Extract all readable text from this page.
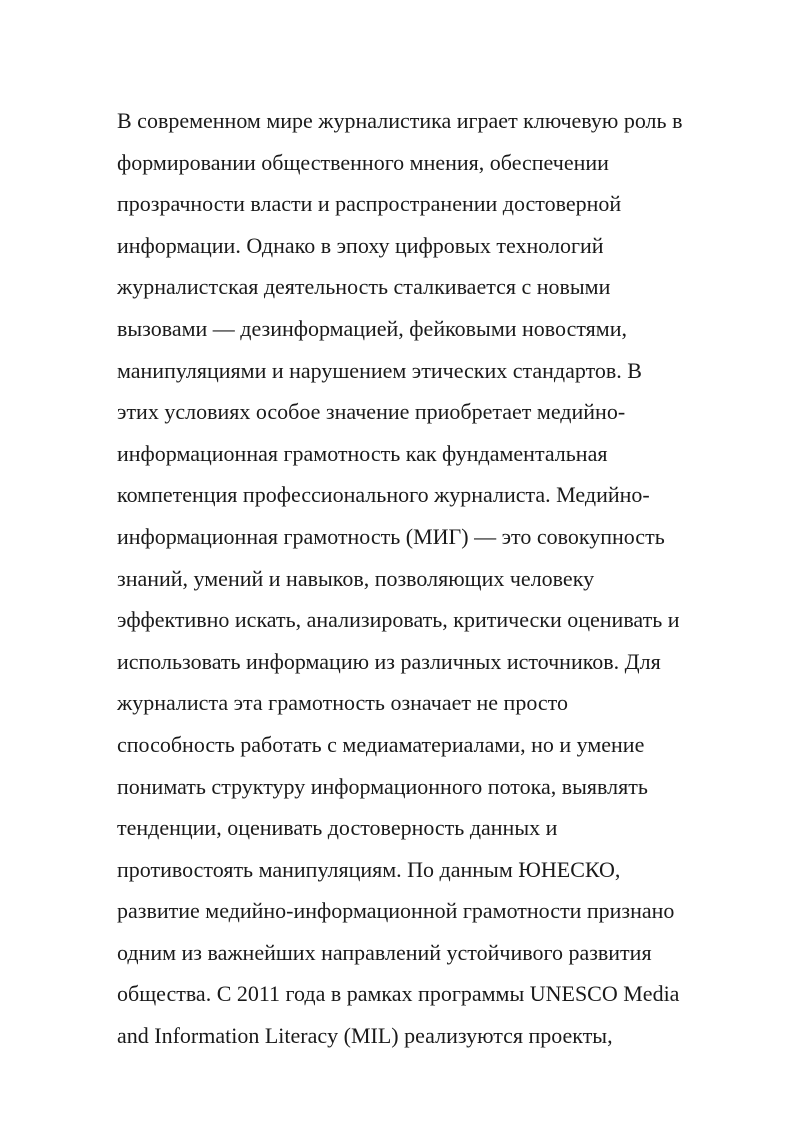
В современном мире журналистика играет ключевую роль в
формировании общественного мнения, обеспечении
прозрачности власти и распространении достоверной
информации. Однако в эпоху цифровых технологий
журналистская деятельность сталкивается с новыми
вызовами — дезинформацией, фейковыми новостями,
манипуляциями и нарушением этических стандартов. В
этих условиях особое значение приобретает медийно-
информационная грамотность как фундаментальная
компетенция профессионального журналиста. Медийно-
информационная грамотность (МИГ) — это совокупность
знаний, умений и навыков, позволяющих человеку
эффективно искать, анализировать, критически оценивать и
использовать информацию из различных источников. Для
журналиста эта грамотность означает не просто
способность работать с медиаматериалами, но и умение
понимать структуру информационного потока, выявлять
тенденции, оценивать достоверность данных и
противостоять манипуляциям. По данным ЮНЕСКО,
развитие медийно-информационной грамотности признано
одним из важнейших направлений устойчивого развития
общества. С 2011 года в рамках программы UNESCO Media
and Information Literacy (MIL) реализуются проекты,
